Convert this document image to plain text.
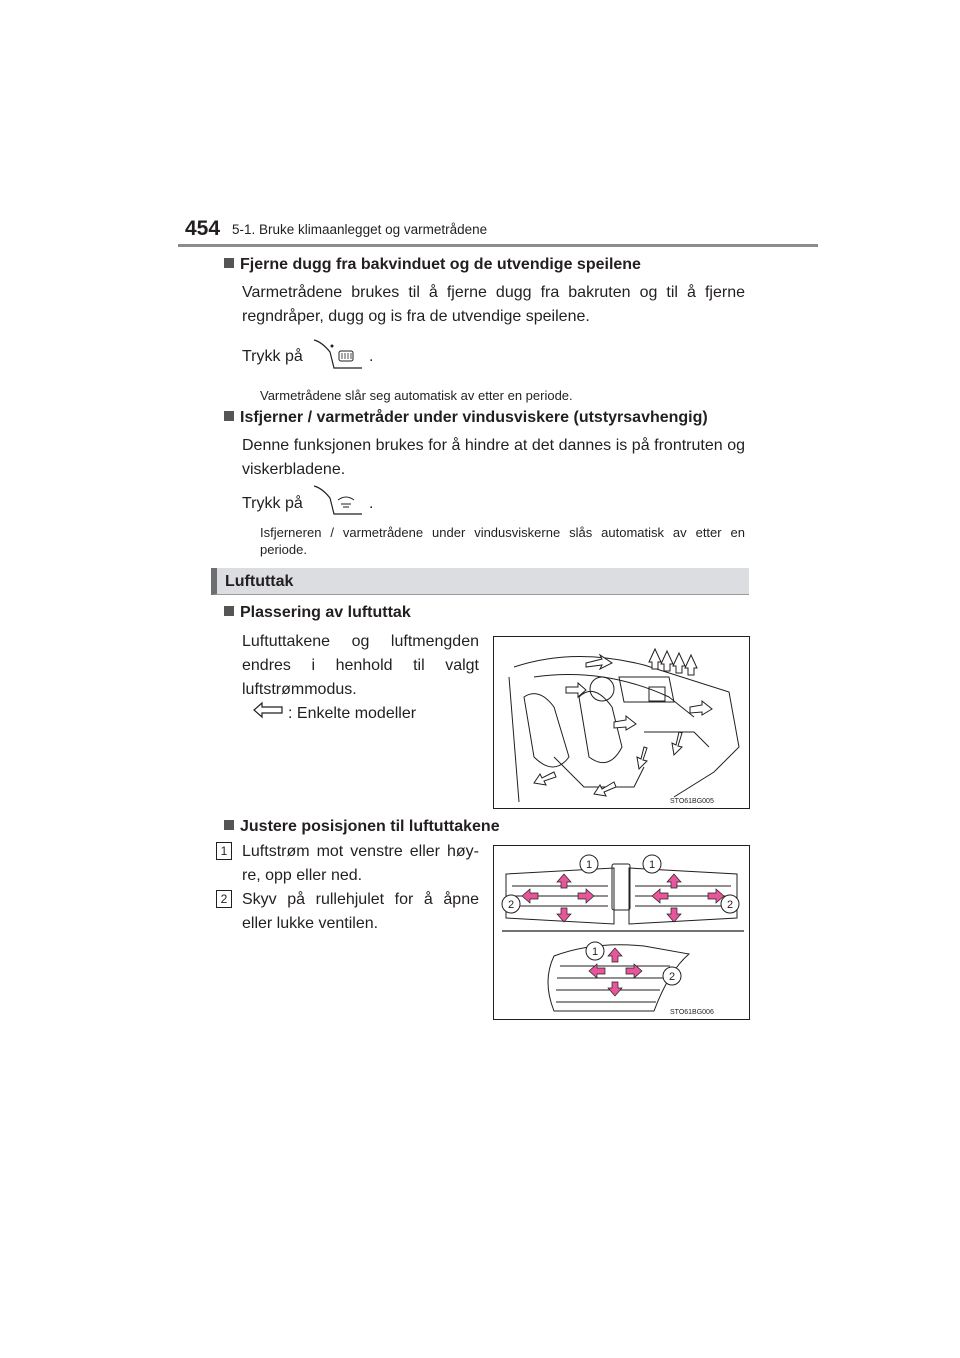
454 5-1. Bruke klimaanlegget og varmetrådene
Fjerne dugg fra bakvinduet og de utvendige speilene
Varmetrådene brukes til å fjerne dugg fra bakruten og til å fjerne regndråper, dugg og is fra de utvendige speilene.
Trykk på	.
Varmetrådene slår seg automatisk av etter en periode.
Isfjerner / varmetråder under vindusviskere (utstyrsavhengig)
Denne funksjonen brukes for å hindre at det dannes is på frontruten og viskerbladene.
Trykk på	.
Isfjerneren / varmetrådene under vindusviskerne slås automatisk av etter en periode.
Luftuttak
Plassering av luftuttak
Luftuttakene og luftmengden endres i henhold til valgt luftstrømmodus.
: Enkelte modeller
STO61BG005
Justere posisjonen til luftuttakene
1 Luftstrøm mot venstre eller høy-re, opp eller ned.
2 Skyv på rullehjulet for å åpne eller lukke ventilen.
1	1
2	2
1
2
STO61BG006
